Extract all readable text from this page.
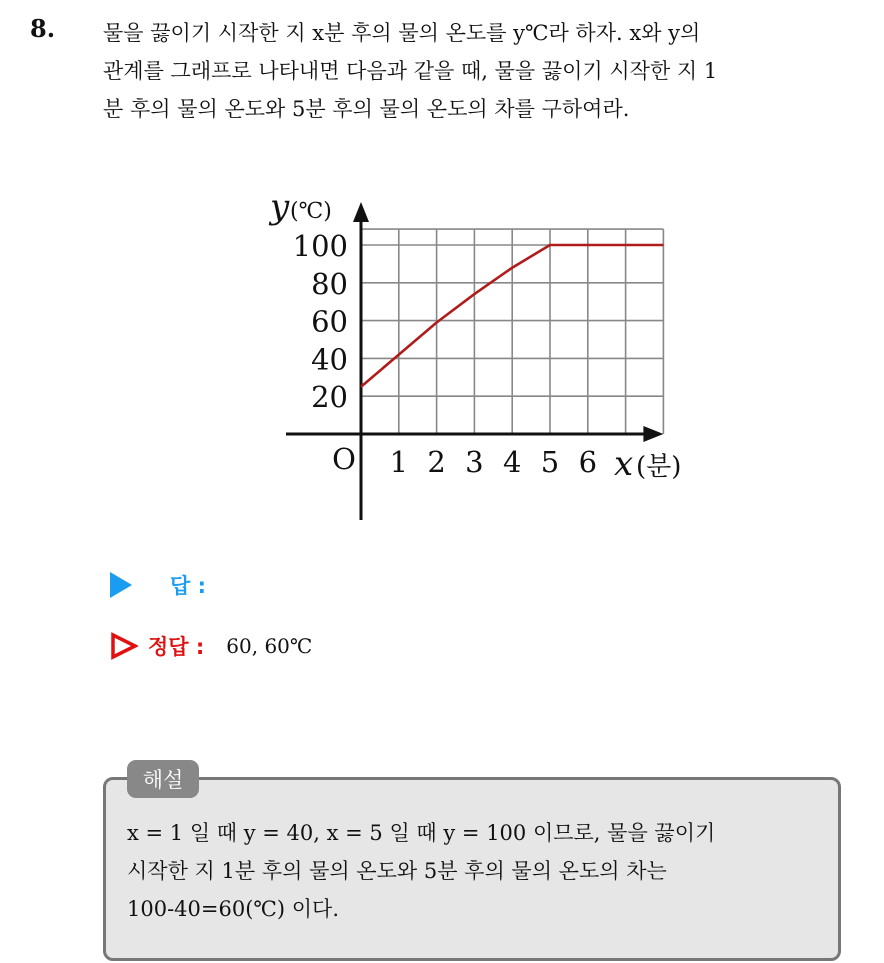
8. 물을 끓이기 시작한 지 x분 후의 물의 온도를 y℃라 하자. x와 y의
관계를 그래프로 나타내면 다음과 같을 때, 물을 끓이기 시작한 지 1
분 후의 물의 온도와 5분 후의 물의 온도의 차를 구하여라.
1 2 3 4 5 6
20
40
60
80
100
O
y (℃)
x (분)
답 :
정답 : 60, 60℃
해설
x = 1 일 때 y = 40, x = 5 일 때 y = 100 이므로, 물을 끓이기
시작한 지 1분 후의 물의 온도와 5분 후의 물의 온도의 차는
100-40=60(℃) 이다.
